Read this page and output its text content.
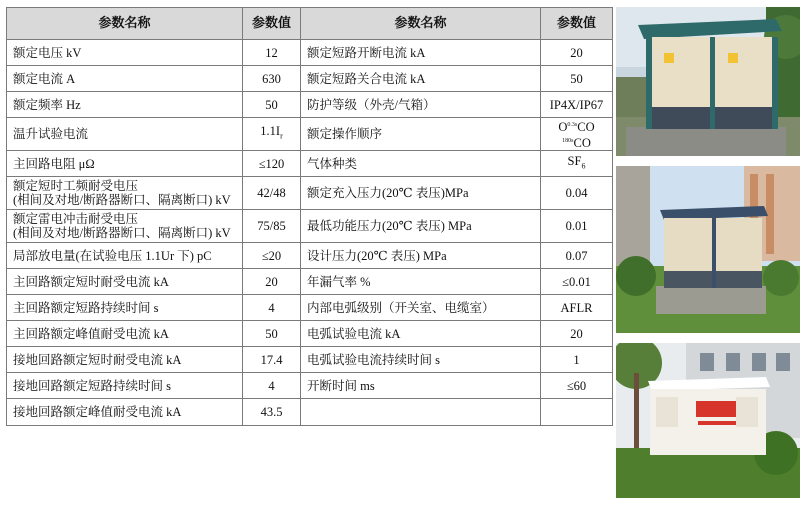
参数名称	参数值	参数名称	参数值
额定电压 kV	12	额定短路开断电流 kA	20
额定电流 A	630	额定短路关合电流 kA	50
额定频率 Hz	50	防护等级（外壳/气箱）	IP4X/IP67
温升试验电流	$1.1I_r$	额定操作顺序	$O^{0.3s}CO$
$^{180s}$CO

主回路电阻 μΩ	≤120	气体种类	$SF_6$
额定短时工频耐受电压
(相间及对地/断路器断口、隔离断口) kV	42/48	额定充入压力(20℃ 表压)MPa	0.04
额定雷电冲击耐受电压
(相间及对地/断路器断口、隔离断口) kV	75/85	最低功能压力(20℃ 表压) MPa	0.01
局部放电量(在试验电压 1.1Ur 下) pC	≤20	设计压力(20℃ 表压) MPa	0.07
主回路额定短时耐受电流 kA	20	年漏气率 %	≤0.01
主回路额定短路持续时间 s	4	内部电弧级别（开关室、电缆室）	AFLR
主回路额定峰值耐受电流 kA	50	电弧试验电流 kA	20
接地回路额定短时耐受电流 kA	17.4	电弧试验电流持续时间 s	1
接地回路额定短路持续时间 s	4	开断时间 ms	≤60
接地回路额定峰值耐受电流 kA	43.5		
